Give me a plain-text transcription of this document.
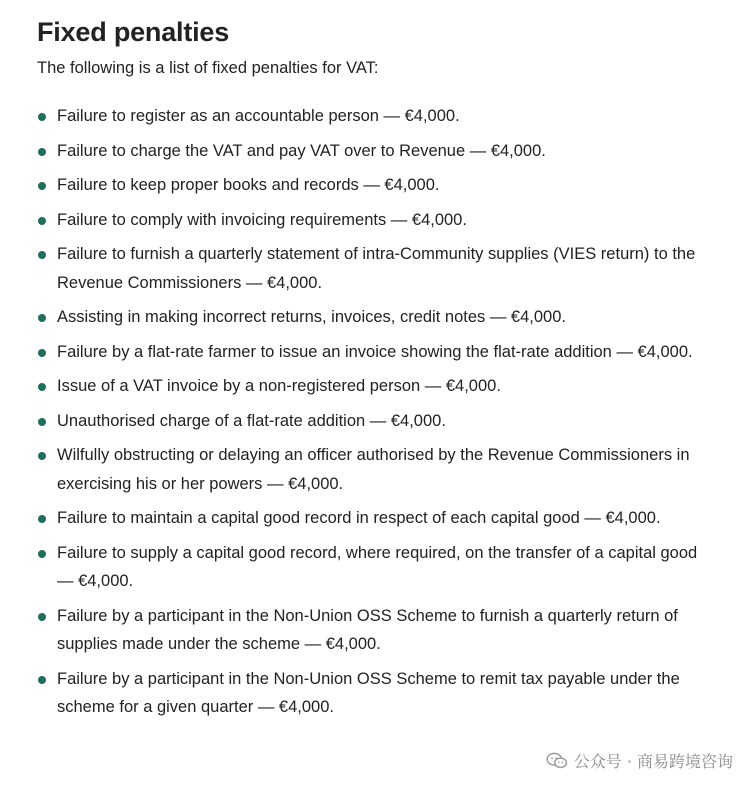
Fixed penalties

The following is a list of fixed penalties for VAT:

Failure to register as an accountable person — €4,000.
Failure to charge the VAT and pay VAT over to Revenue — €4,000.
Failure to keep proper books and records — €4,000.
Failure to comply with invoicing requirements — €4,000.
Failure to furnish a quarterly statement of intra-Community supplies (VIES return) to the Revenue Commissioners — €4,000.
Assisting in making incorrect returns, invoices, credit notes — €4,000.
Failure by a flat-rate farmer to issue an invoice showing the flat-rate addition — €4,000.
Issue of a VAT invoice by a non-registered person — €4,000.
Unauthorised charge of a flat-rate addition — €4,000.
Wilfully obstructing or delaying an officer authorised by the Revenue Commissioners in exercising his or her powers — €4,000.
Failure to maintain a capital good record in respect of each capital good — €4,000.
Failure to supply a capital good record, where required, on the transfer of a capital good — €4,000.
Failure by a participant in the Non-Union OSS Scheme to furnish a quarterly return of supplies made under the scheme — €4,000.
Failure by a participant in the Non-Union OSS Scheme to remit tax payable under the scheme for a given quarter — €4,000.
公众号 · 商易跨境咨询
